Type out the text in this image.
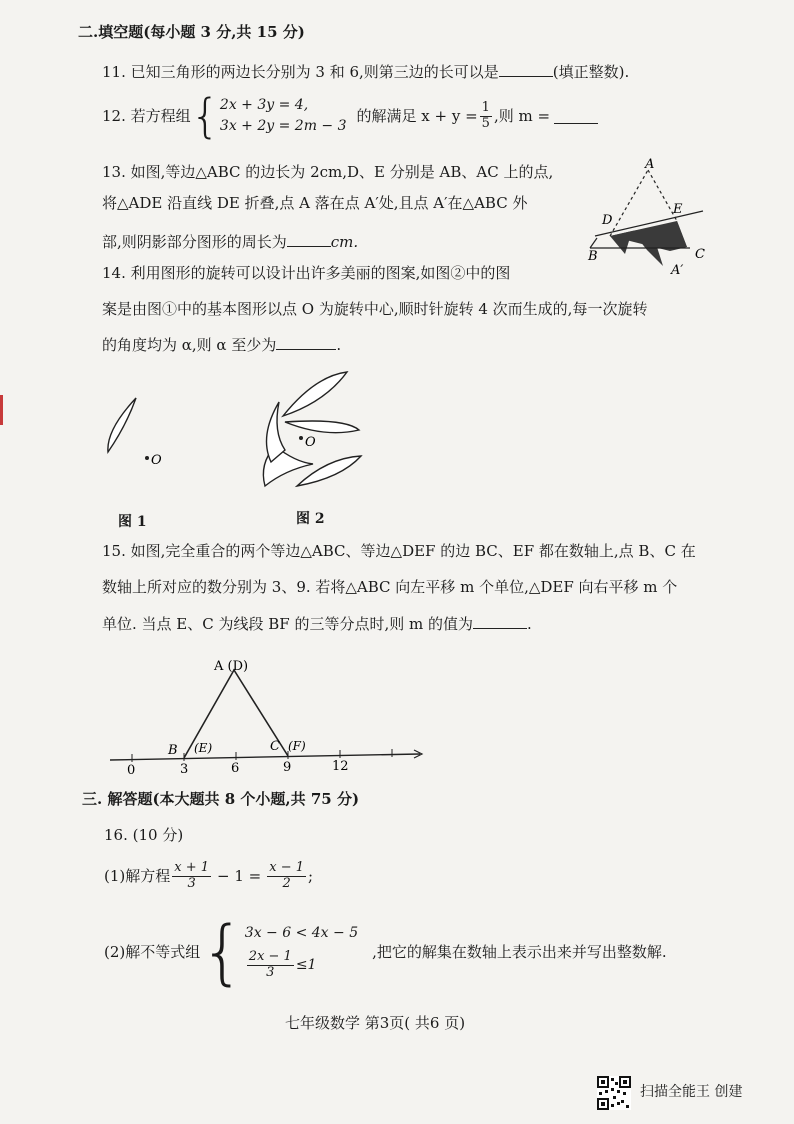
二.填空题(每小题 3 分,共 15 分)
11. 已知三角形的两边长分别为 3 和 6,则第三边的长可以是	(填正整数).
12. 若方程组 { 2x + 3y = 4,
3x + 2y = 2m − 3
的解满足 $x + y = \frac{1}{5}$ ,则 m =
13. 如图,等边△ABC 的边长为 2cm,D、E 分别是 AB、AC 上的点,
将△ADE 沿直线 DE 折叠,点 A 落在点 A′处,且点 A′在△ABC 外
部,则阴影部分图形的周长为	cm.
A
D
E
B	C
A′
14. 利用图形的旋转可以设计出许多美丽的图案,如图②中的图
案是由图①中的基本图形以点 O 为旋转中心,顺时针旋转 4 次而生成的,每一次旋转
的角度均为 α,则 α 至少为	.
O
图 1
O
图 2
15. 如图,完全重合的两个等边△ABC、等边△DEF 的边 BC、EF 都在数轴上,点 B、C 在
数轴上所对应的数分别为 3、9. 若将△ABC 向左平移 m 个单位,△DEF 向右平移 m 个
单位. 当点 E、C 为线段 BF 的三等分点时,则 m 的值为	.
A (D)
B (E)	C (F)
0	3	6	9	12
三. 解答题(本大题共 8 个小题,共 75 分)
16. (10 分)
(1)解方程 $\frac{x + 1}{3} - 1 = \frac{x - 1}{2}$ ;
(2)解不等式组 { 3x − 6 < 4x − 5
$\frac{2x - 1}{3} \le 1$
,把它的解集在数轴上表示出来并写出整数解.
七年级数学 第3页( 共6 页)
扫描全能王 创建
